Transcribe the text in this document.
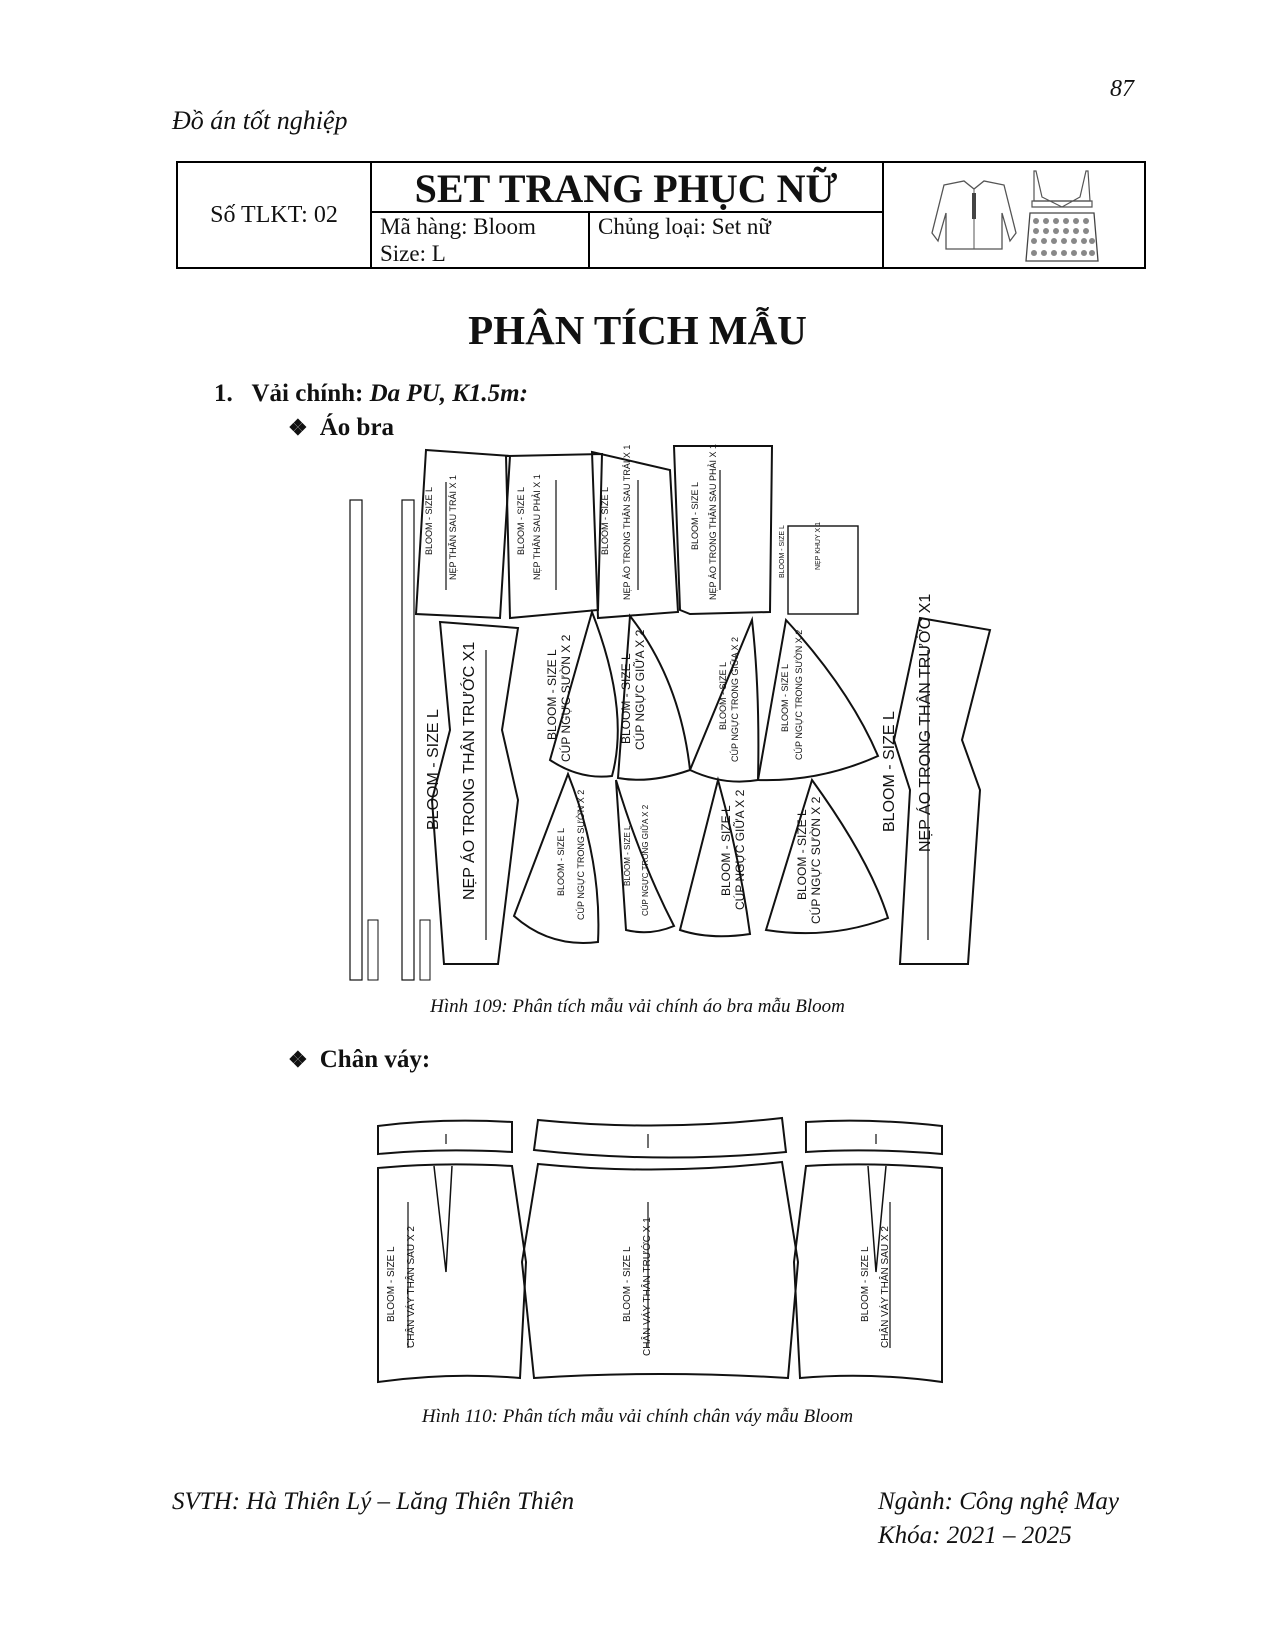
87
Đồ án tốt nghiệp
Số TLKT: 02
SET TRANG PHỤC NỮ
Mã hàng: Bloom
Size: L
Chủng loại: Set nữ
PHÂN TÍCH MẪU
1. Vải chính: Da PU, K1.5m:
❖ Áo bra
BLOOM - SIZE L NẸP THÂN SAU TRÁI X 1	BLOOM - SIZE L NẸP THÂN SAU PHẢI X 1	BLOOM - SIZE L NẸP ÁO TRONG THÂN SAU TRÁI X 1	BLOOM - SIZE L NẸP ÁO TRONG THÂN SAU PHẢI X 1	BLOOM - SIZE L	NẸP KHUY X 1
BLOOM - SIZE L NẸP ÁO TRONG THÂN TRƯỚC X1	BLOOM - SIZE L NẸP ÁO TRONG THÂN TRƯỚC X1
BLOOM - SIZE L CÚP NGỰC SƯỜN X 2	BLOOM - SIZE L CÚP NGỰC GIỮA X 2	BLOOM - SIZE L CÚP NGỰC TRONG GIỮA X 2	BLOOM - SIZE L CÚP NGỰC TRONG SƯỜN X 2
BLOOM - SIZE L CÚP NGỰC TRONG SƯỜN X 2	BLOOM - SIZE L CÚP NGỰC TRONG GIỮA X 2	BLOOM - SIZE L CÚP NGỰC GIỮA X 2	BLOOM - SIZE L CÚP NGỰC SƯỜN X 2
Hình 109: Phân tích mẫu vải chính áo bra mẫu Bloom
❖ Chân váy:
BLOOM - SIZE L CHÂN VÁY THÂN SAU X 2	BLOOM - SIZE L CHÂN VÁY THÂN TRƯỚC X 1	BLOOM - SIZE L CHÂN VÁY THÂN SAU X 2
Hình 110: Phân tích mẫu vải chính chân váy mẫu Bloom
SVTH: Hà Thiên Lý – Lăng Thiên Thiên	Ngành: Công nghệ May
Khóa: 2021 – 2025
